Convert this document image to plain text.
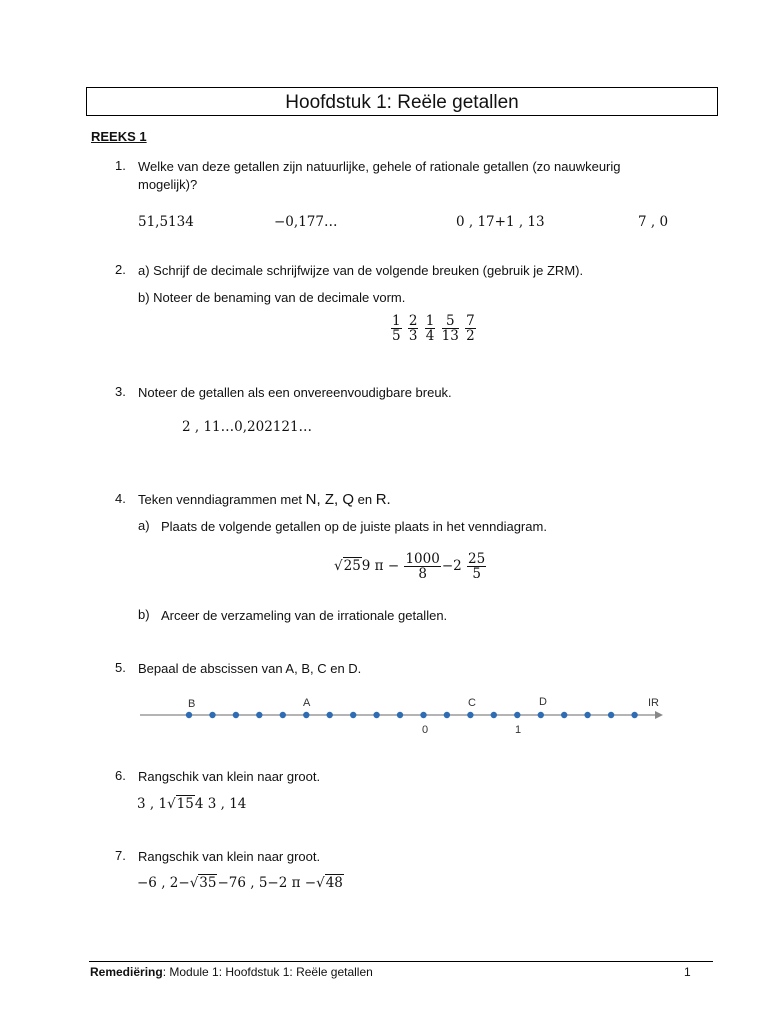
Hoofdstuk 1: Reële getallen
REEKS 1
1. Welke van deze getallen zijn natuurlijke, gehele of rationale getallen (zo nauwkeurig
mogelijk)?
51,5134	−0,177…	0 , 17+1 , 13	7 , 0
2. a) Schrijf de decimale schrijfwijze van de volgende breuken (gebruik je ZRM).
b) Noteer de benaming van de decimale vorm.
$\frac{1}{5}$
$\frac{2}{3}$
$\frac{1}{4}$
$\frac{5}{13}$
$\frac{7}{2}$
3. Noteer de getallen als een onvereenvoudigbare breuk.
2 , 11…0,202121…
4. Teken venndiagrammen met N, Z, Q en R.
a) Plaats de volgende getallen op de juiste plaats in het venndiagram.
√259 $\pi - \frac{1000}{8} -2 \frac{25}{5}$
b) Arceer de verzameling van de irrationale getallen.
5. Bepaal de abscissen van A, B, C en D.
B	A	C	D	IR
0	1
6. Rangschik van klein naar groot.
3 , 1√154 3 , 14
7. Rangschik van klein naar groot.
−6 , 2−√35−76 , 5−2 π −√48
Remediëring: Module 1: Hoofdstuk 1: Reële getallen	1
